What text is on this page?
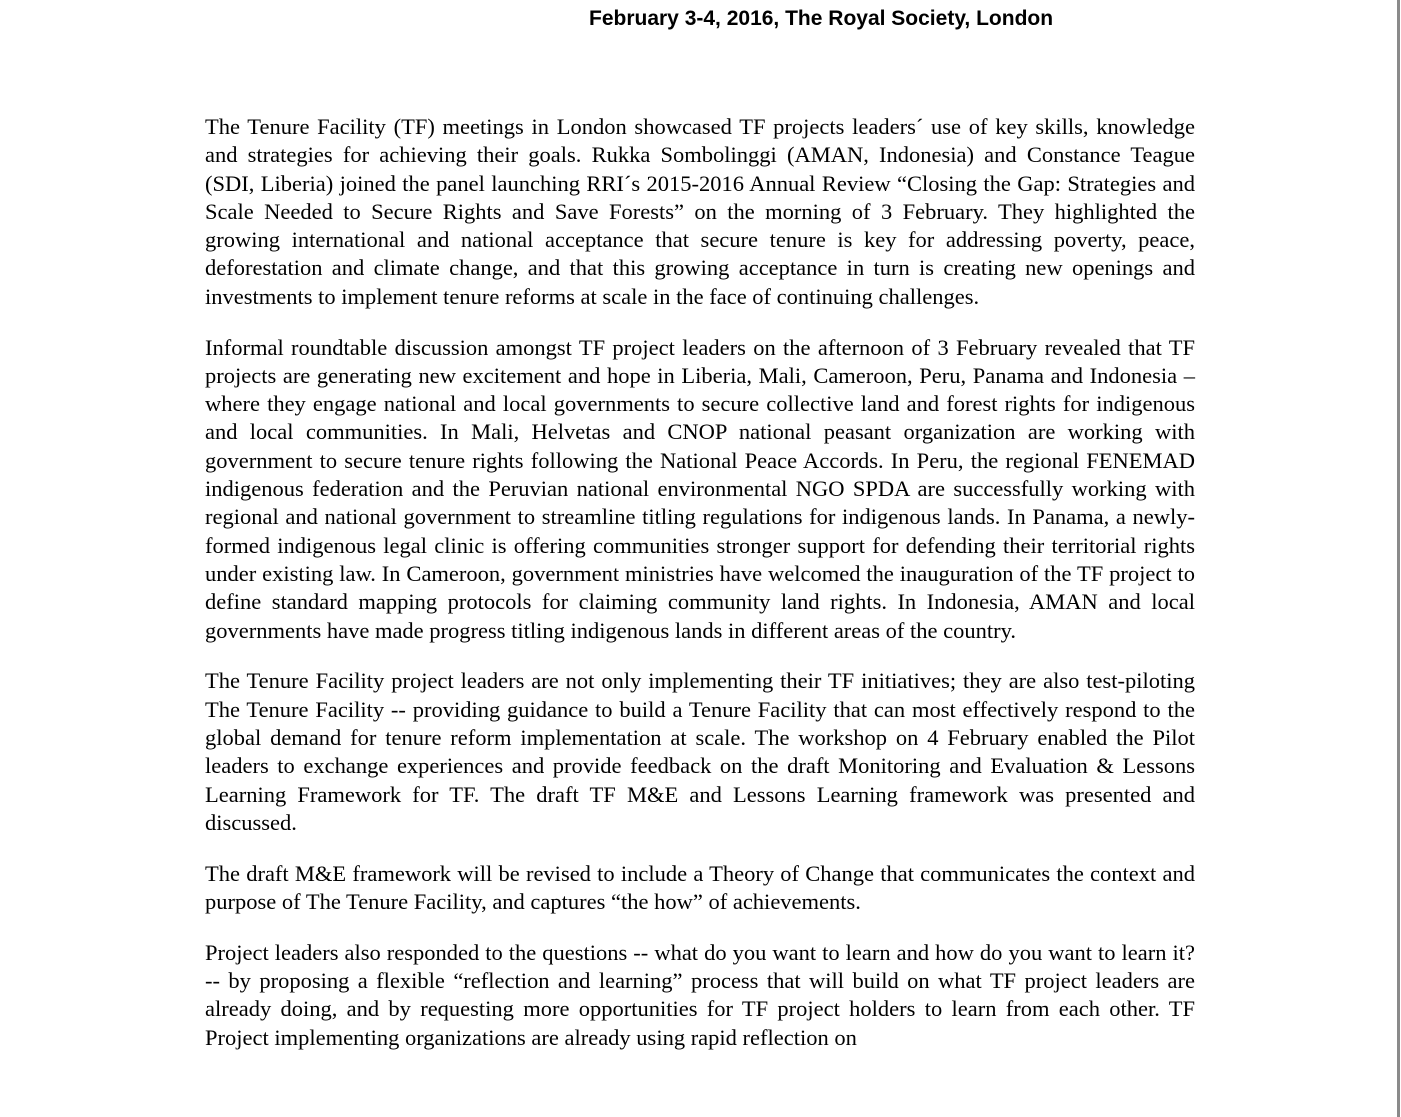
February 3-4, 2016, The Royal Society, London

The Tenure Facility (TF) meetings in London showcased TF projects leaders´ use of key skills, knowledge and strategies for achieving their goals. Rukka Sombolinggi (AMAN, Indonesia) and Constance Teague (SDI, Liberia) joined the panel launching RRI´s 2015-2016 Annual Review “Closing the Gap: Strategies and Scale Needed to Secure Rights and Save Forests” on the morning of 3 February. They highlighted the growing international and national acceptance that secure tenure is key for addressing poverty, peace, deforestation and climate change, and that this growing acceptance in turn is creating new openings and investments to implement tenure reforms at scale in the face of continuing challenges.

Informal roundtable discussion amongst TF project leaders on the afternoon of 3 February revealed that TF projects are generating new excitement and hope in Liberia, Mali, Cameroon, Peru, Panama and Indonesia – where they engage national and local governments to secure collective land and forest rights for indigenous and local communities. In Mali, Helvetas and CNOP national peasant organization are working with government to secure tenure rights following the National Peace Accords. In Peru, the regional FENEMAD indigenous federation and the Peruvian national environmental NGO SPDA are successfully working with regional and national government to streamline titling regulations for indigenous lands. In Panama, a newly-formed indigenous legal clinic is offering communities stronger support for defending their territorial rights under existing law. In Cameroon, government ministries have welcomed the inauguration of the TF project to define standard mapping protocols for claiming community land rights. In Indonesia, AMAN and local governments have made progress titling indigenous lands in different areas of the country.

The Tenure Facility project leaders are not only implementing their TF initiatives; they are also test-piloting The Tenure Facility -- providing guidance to build a Tenure Facility that can most effectively respond to the global demand for tenure reform implementation at scale. The workshop on 4 February enabled the Pilot leaders to exchange experiences and provide feedback on the draft Monitoring and Evaluation & Lessons Learning Framework for TF. The draft TF M&E and Lessons Learning framework was presented and discussed.

The draft M&E framework will be revised to include a Theory of Change that communicates the context and purpose of The Tenure Facility, and captures “the how” of achievements.

Project leaders also responded to the questions -- what do you want to learn and how do you want to learn it? -- by proposing a flexible “reflection and learning” process that will build on what TF project leaders are already doing, and by requesting more opportunities for TF project holders to learn from each other. TF Project implementing organizations are already using rapid reflection on
